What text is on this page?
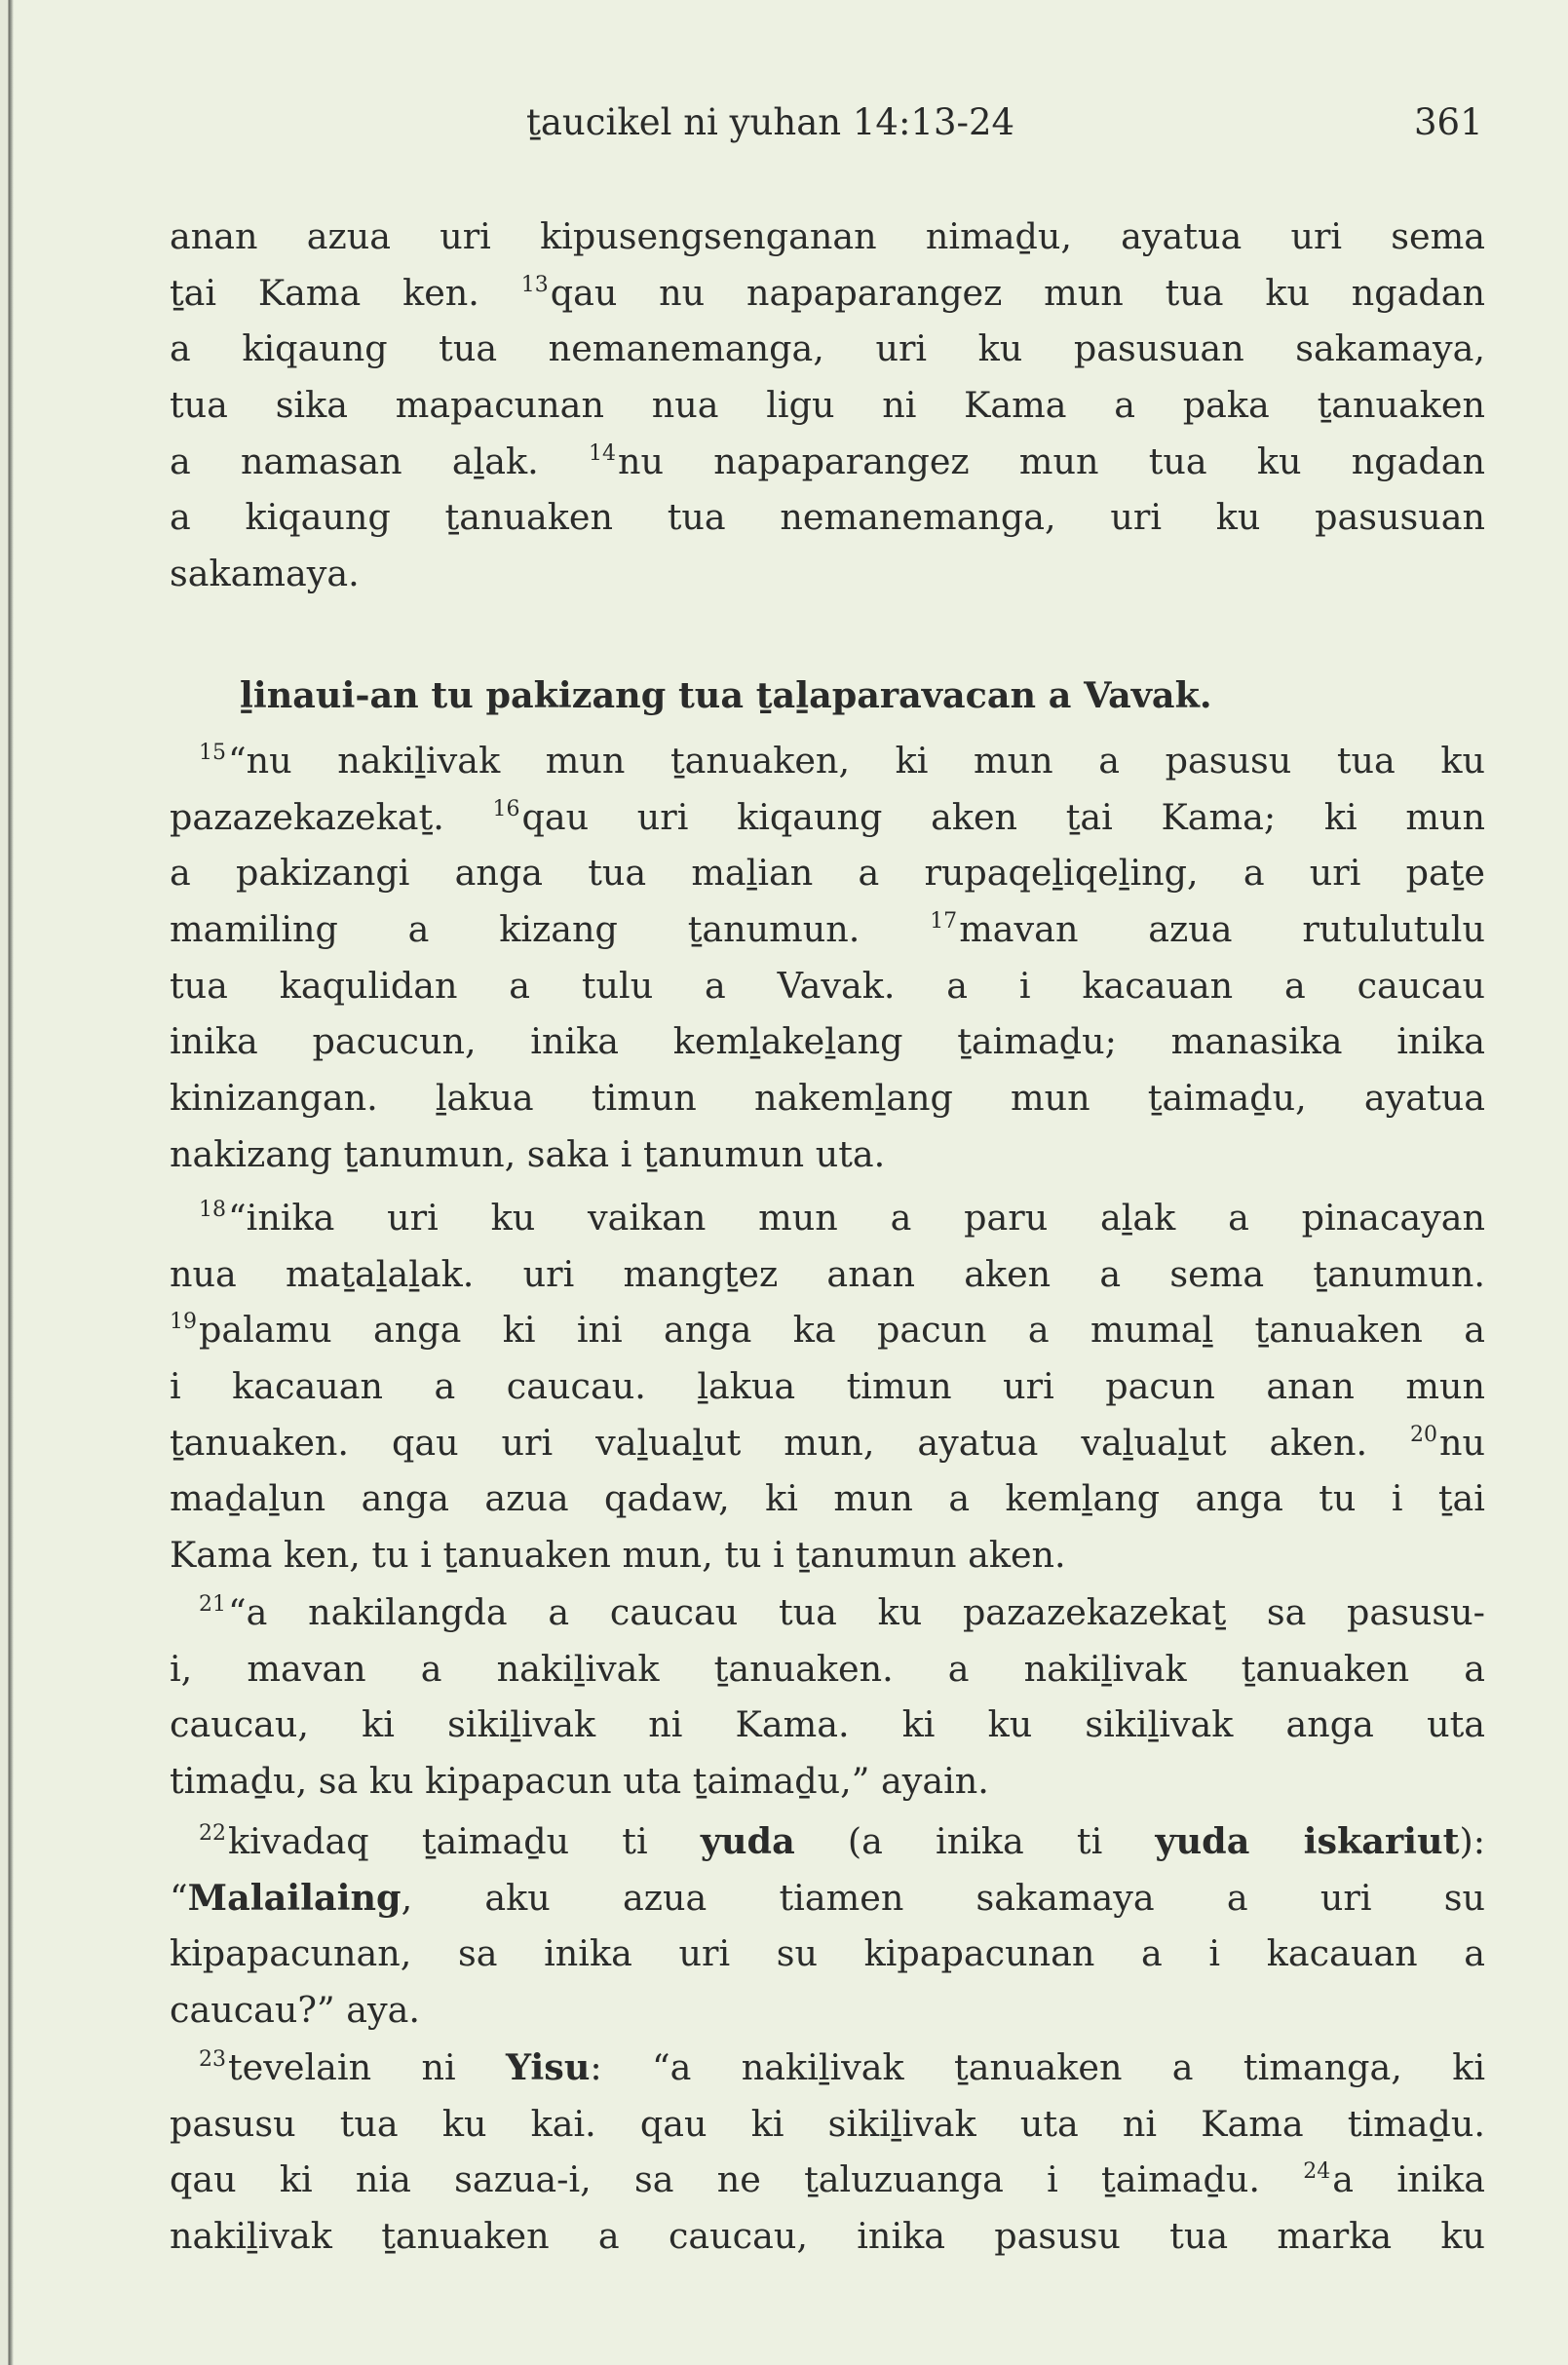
ṯaucikel ni yuhan 14:13-24	361
anan azua uri kipusengsenganan nimaḏu, ayatua uri sema
ṯai Kama ken. $^{13}$qau nu napaparangez mun tua ku ngadan
a kiqaung tua nemanemanga, uri ku pasusuan sakamaya,
tua sika mapacunan nua ligu ni Kama a paka ṯanuaken
a namasan aḻak. $^{14}$nu napaparangez mun tua ku ngadan
a kiqaung ṯanuaken tua nemanemanga, uri ku pasusuan
sakamaya.
ḻinaui-an tu pakizang tua ṯaḻaparavacan a Vavak.
$^{15}$“nu nakiḻivak mun ṯanuaken, ki mun a pasusu tua ku
pazazekazekaṯ. $^{16}$qau uri kiqaung aken ṯai Kama; ki mun
a pakizangi anga tua maḻian a rupaqeḻiqeḻing, a uri paṯe
mamiling a kizang ṯanumun. $^{17}$mavan azua rutulutulu
tua kaqulidan a tulu a Vavak. a i kacauan a caucau
inika pacucun, inika kemḻakeḻang ṯaimaḏu; manasika inika
kinizangan. ḻakua timun nakemḻang mun ṯaimaḏu, ayatua
nakizang ṯanumun, saka i ṯanumun uta.
$^{18}$“inika uri ku vaikan mun a paru aḻak a pinacayan
nua maṯaḻaḻak. uri mangṯez anan aken a sema ṯanumun.
$^{19}$palamu anga ki ini anga ka pacun a mumaḻ ṯanuaken a
i kacauan a caucau. ḻakua timun uri pacun anan mun
ṯanuaken. qau uri vaḻuaḻut mun, ayatua vaḻuaḻut aken. $^{20}$nu
maḏaḻun anga azua qadaw, ki mun a kemḻang anga tu i ṯai
Kama ken, tu i ṯanuaken mun, tu i ṯanumun aken.
$^{21}$“a nakilangda a caucau tua ku pazazekazekaṯ sa pasusu-
i, mavan a nakiḻivak ṯanuaken. a nakiḻivak ṯanuaken a
caucau, ki sikiḻivak ni Kama. ki ku sikiḻivak anga uta
timaḏu, sa ku kipapacun uta ṯaimaḏu,” ayain.
$^{22}$kivadaq ṯaimaḏu ti yuda (a inika ti yuda iskariut):
“Malailaing, aku azua tiamen sakamaya a uri su
kipapacunan, sa inika uri su kipapacunan a i kacauan a
caucau?” aya.
$^{23}$tevelain ni Yisu: “a nakiḻivak ṯanuaken a timanga, ki
pasusu tua ku kai. qau ki sikiḻivak uta ni Kama timaḏu.
qau ki nia sazua-i, sa ne ṯaluzuanga i ṯaimaḏu. $^{24}$a inika
nakiḻivak ṯanuaken a caucau, inika pasusu tua marka ku
